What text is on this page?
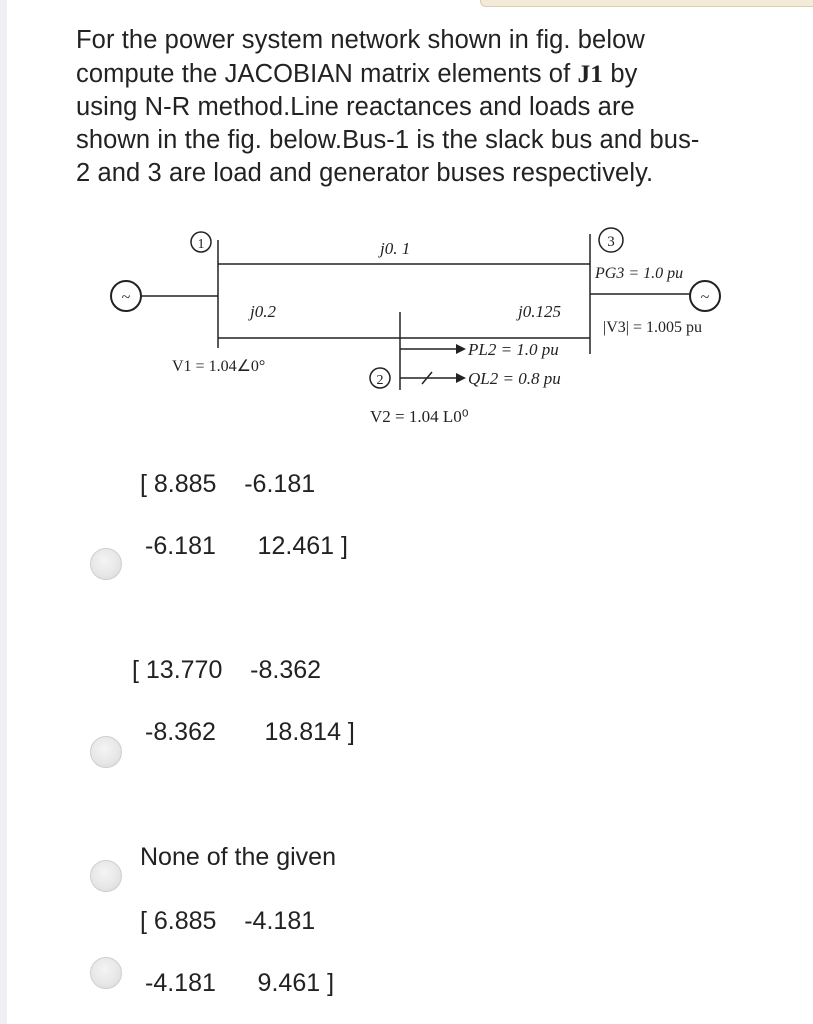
For the power system network shown in fig. below
compute the JACOBIAN matrix elements of J1 by
using N-R method.Line reactances and loads are
shown in the fig. below.Bus-1 is the slack bus and bus-
2 and 3 are load and generator buses respectively.
~
1	j0. 1	3
PG3 = 1.0 pu
~
|V3| = 1.005 pu
j0.2	j0.125
2
PL2 = 1.0 pu
QL2 = 0.8 pu
V1 = 1.04∠0°
V2 = 1.04 L0⁰
[ 8.885    -6.181
-6.181      12.461 ]
[ 13.770    -8.362
-8.362       18.814 ]
None of the given
[ 6.885    -4.181
-4.181      9.461 ]
